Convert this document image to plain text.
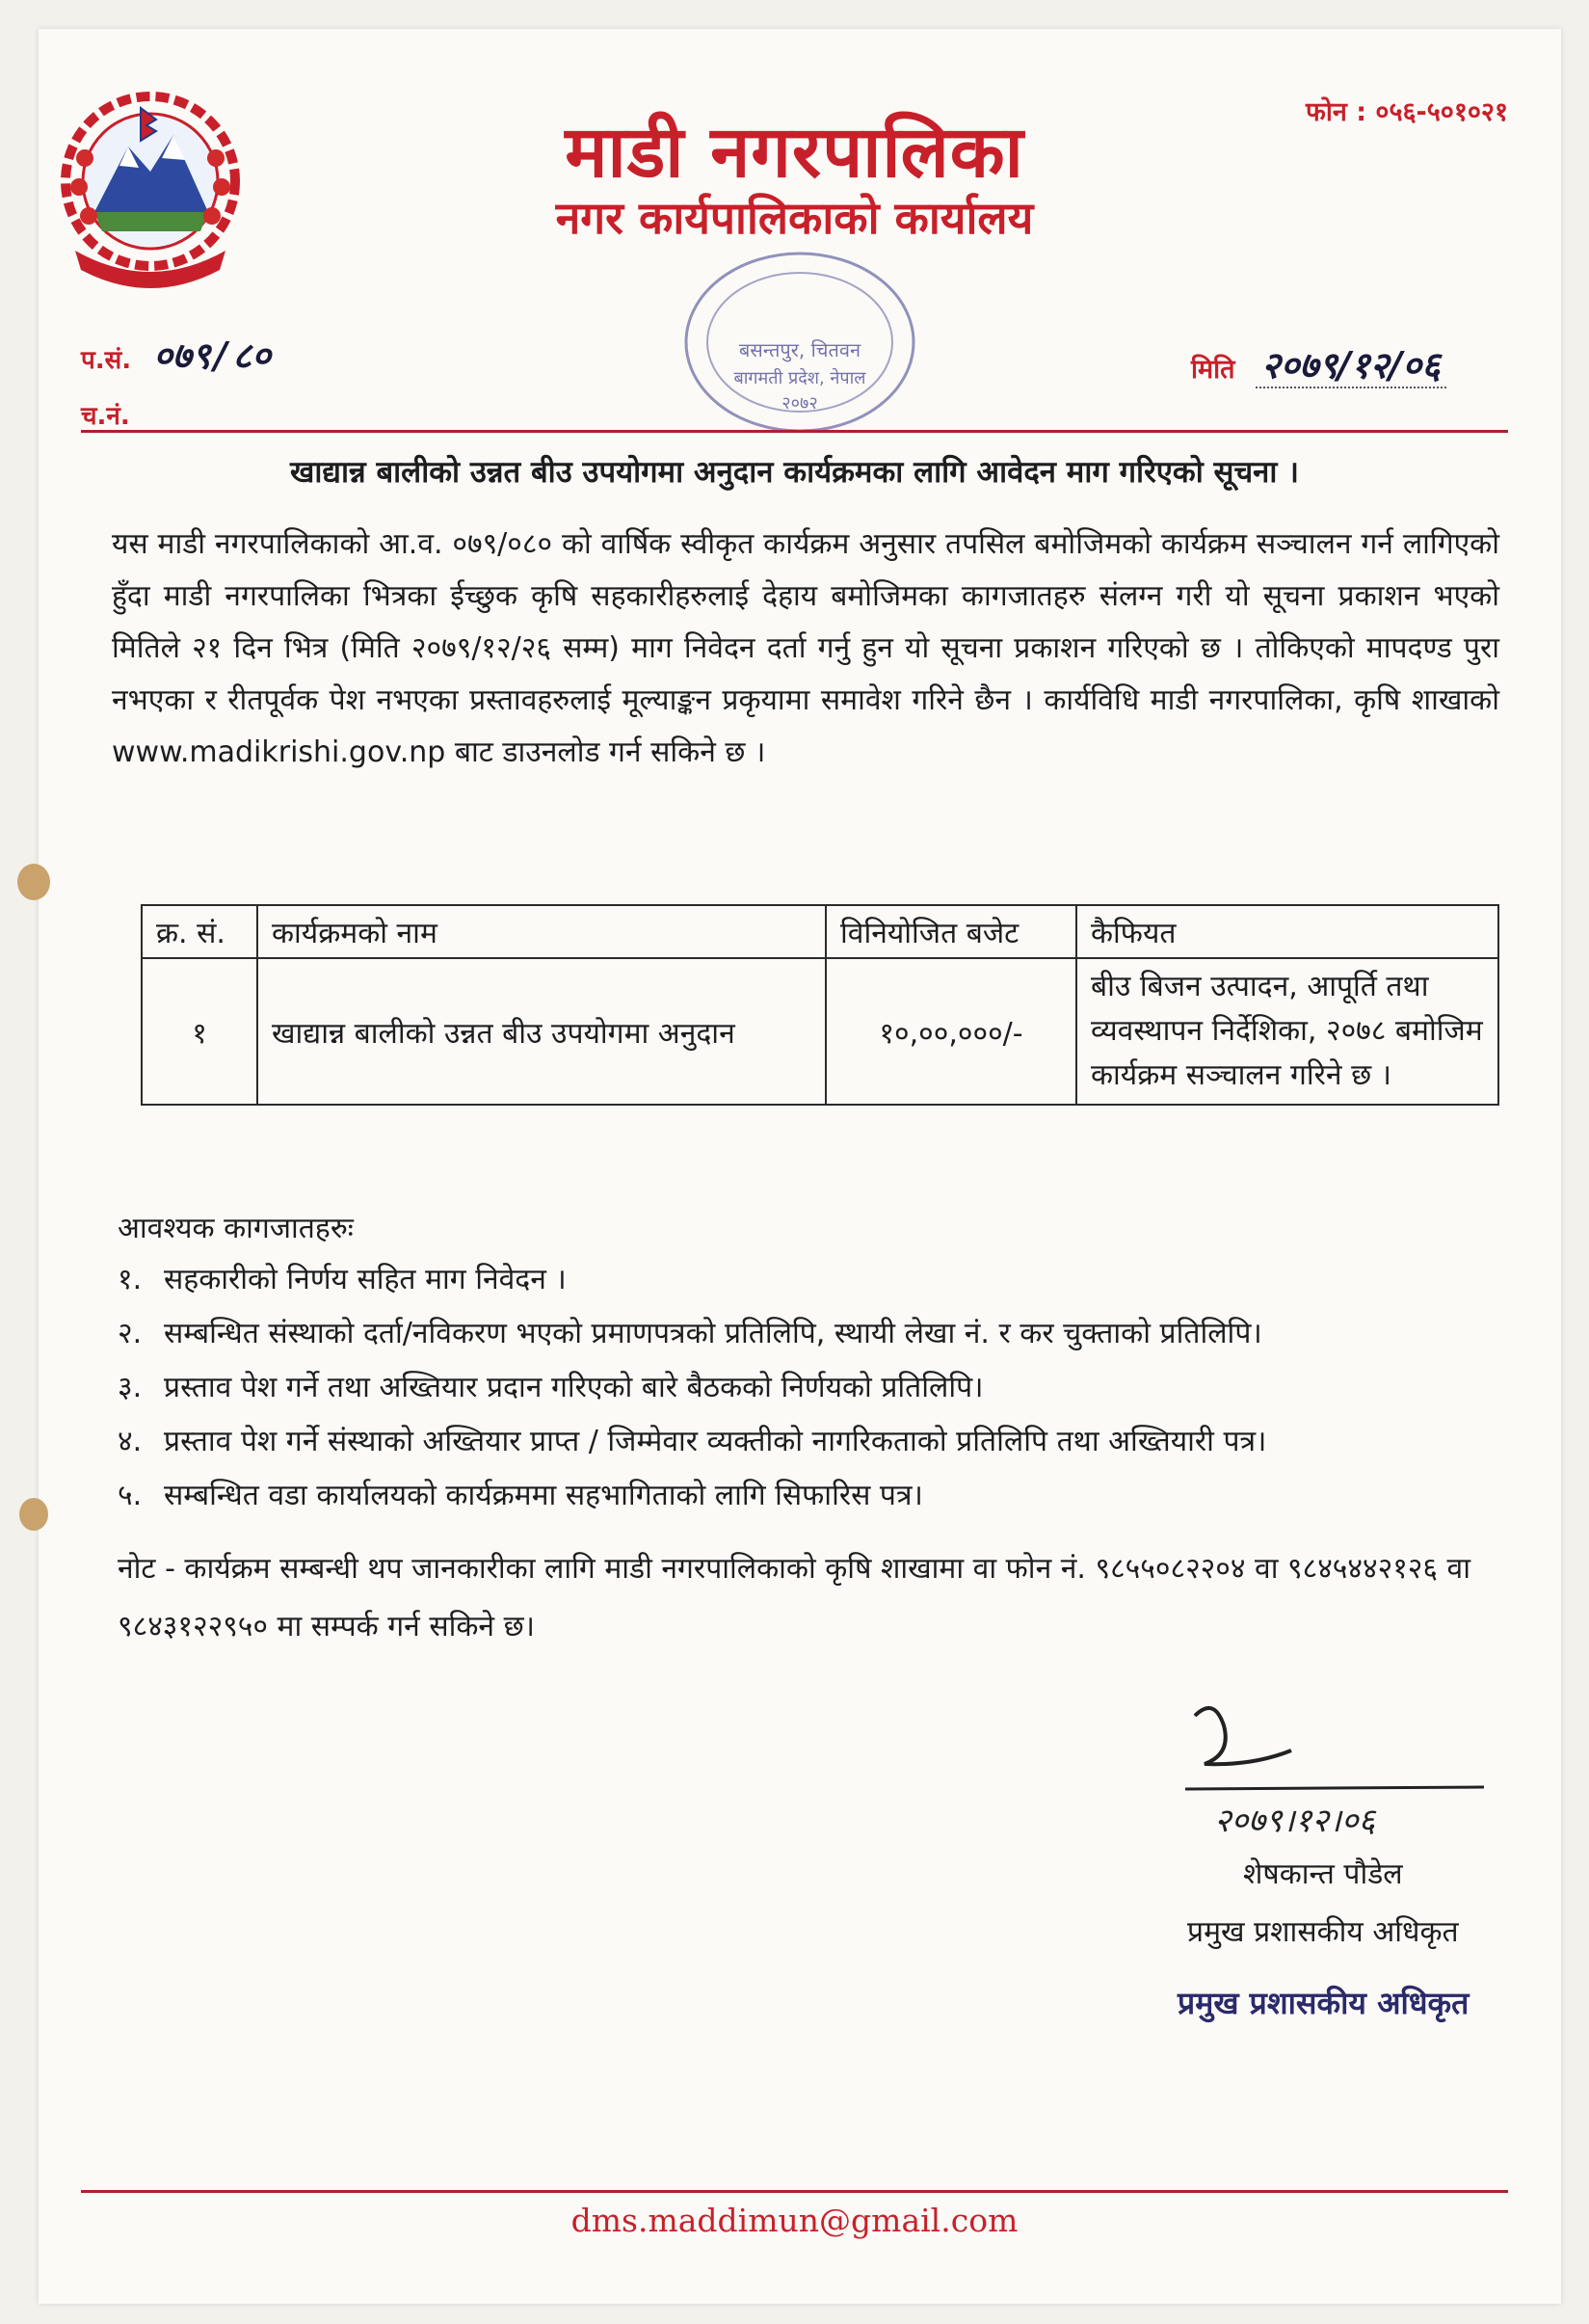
माडी नगरपालिका
नगर कार्यपालिकाको कार्यालय
फोन : ०५६-५०१०२१
प.सं. ०७९/८०
च.नं.
मिति २०७९/१२/०६
बसन्तपुर, चितवन
बागमती प्रदेश, नेपाल
२०७२
खाद्यान्न बालीको उन्नत बीउ उपयोगमा अनुदान कार्यक्रमका लागि आवेदन माग गरिएको सूचना ।
यस माडी नगरपालिकाको आ.व. ०७९/०८० को वार्षिक स्वीकृत कार्यक्रम अनुसार तपसिल बमोजिमको कार्यक्रम सञ्चालन गर्न लागिएको हुँदा माडी नगरपालिका भित्रका ईच्छुक कृषि सहकारीहरुलाई देहाय बमोजिमका कागजातहरु संलग्न गरी यो सूचना प्रकाशन भएको मितिले २१ दिन भित्र (मिति २०७९/१२/२६ सम्म) माग निवेदन दर्ता गर्नु हुन यो सूचना प्रकाशन गरिएको छ । तोकिएको मापदण्ड पुरा नभएका र रीतपूर्वक पेश नभएका प्रस्तावहरुलाई मूल्याङ्कन प्रकृयामा समावेश गरिने छैन । कार्यविधि माडी नगरपालिका, कृषि शाखाको www.madikrishi.gov.np बाट डाउनलोड गर्न सकिने छ ।
क्र. सं.	कार्यक्रमको नाम	विनियोजित बजेट	कैफियत
१	खाद्यान्न बालीको उन्नत बीउ उपयोगमा अनुदान	१०,००,०००/-	बीउ बिजन उत्पादन, आपूर्ति तथा व्यवस्थापन निर्देशिका, २०७८ बमोजिम कार्यक्रम सञ्चालन गरिने छ ।
आवश्यक कागजातहरुः
१. सहकारीको निर्णय सहित माग निवेदन ।
२. सम्बन्धित संस्थाको दर्ता/नविकरण भएको प्रमाणपत्रको प्रतिलिपि, स्थायी लेखा नं. र कर चुक्ताको प्रतिलिपि।
३. प्रस्ताव पेश गर्ने तथा अख्तियार प्रदान गरिएको बारे बैठकको निर्णयको प्रतिलिपि।
४. प्रस्ताव पेश गर्ने संस्थाको अख्तियार प्राप्त / जिम्मेवार व्यक्तीको नागरिकताको प्रतिलिपि तथा अख्तियारी पत्र।
५. सम्बन्धित वडा कार्यालयको कार्यक्रममा सहभागिताको लागि सिफारिस पत्र।
नोट - कार्यक्रम सम्बन्धी थप जानकारीका लागि माडी नगरपालिकाको कृषि शाखामा वा फोन नं. ९८५५०८२२०४ वा ९८४५४४२१२६ वा ९८४३१२२९५० मा सम्पर्क गर्न सकिने छ।
२०७९।१२।०६
शेषकान्त पौडेल
प्रमुख प्रशासकीय अधिकृत
प्रमुख प्रशासकीय अधिकृत
dms.maddimun@gmail.com
